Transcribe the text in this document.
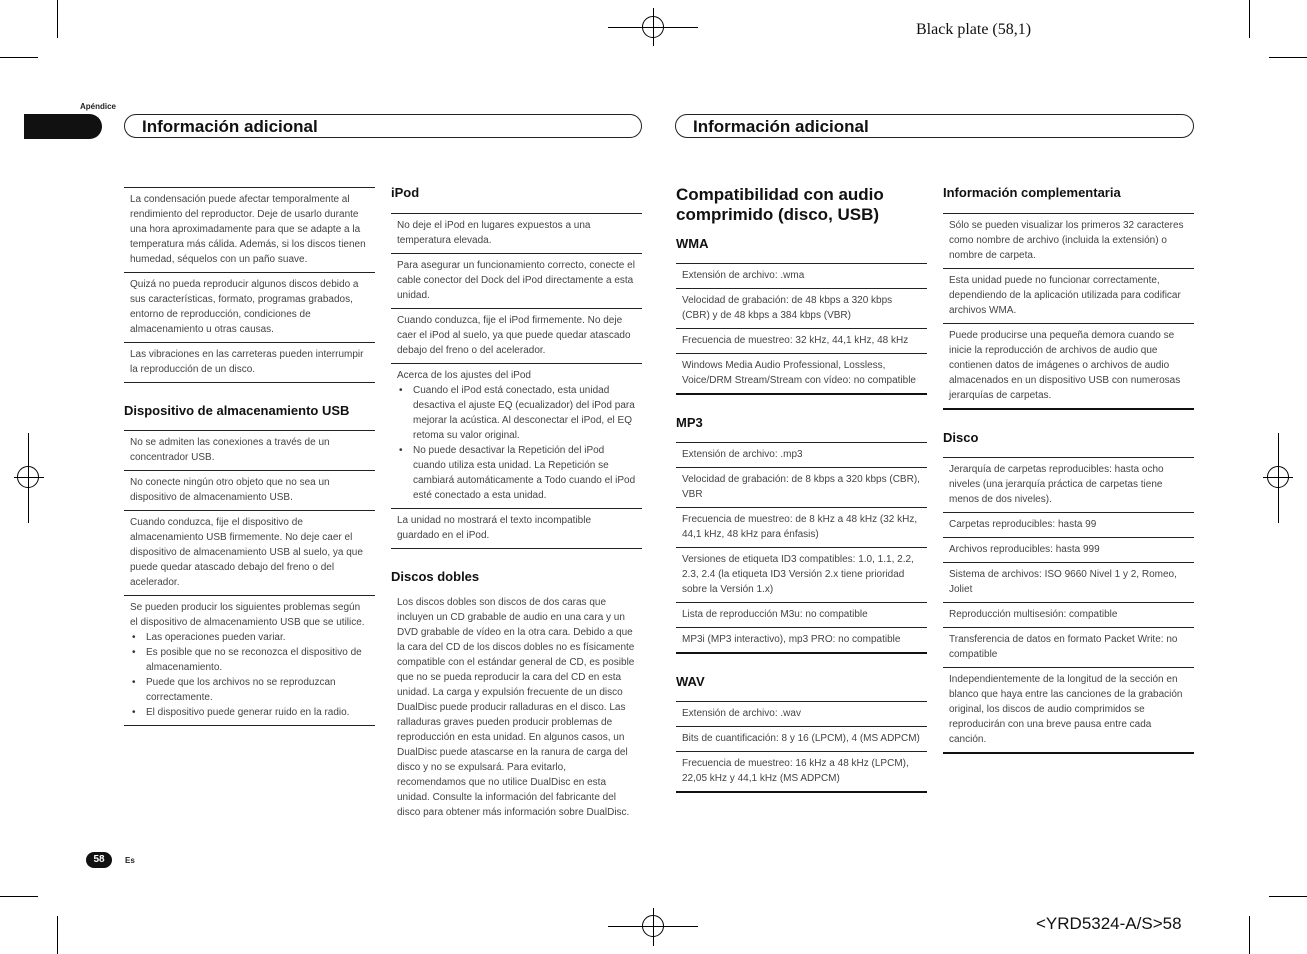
Black plate (58,1)
<YRD5324-A/S>58
Apéndice
Información adicional	Información adicional
La condensación puede afectar temporalmente al rendimiento del reproductor. Deje de usarlo durante una hora aproximadamente para que se adapte a la temperatura más cálida. Además, si los discos tienen humedad, séquelos con un paño suave.
Quizá no pueda reproducir algunos discos debido a sus características, formato, programas grabados, entorno de reproducción, condiciones de almacenamiento u otras causas.
Las vibraciones en las carreteras pueden interrumpir la reproducción de un disco.
Dispositivo de almacenamiento USB
No se admiten las conexiones a través de un concentrador USB.
No conecte ningún otro objeto que no sea un dispositivo de almacenamiento USB.
Cuando conduzca, fije el dispositivo de almacenamiento USB firmemente. No deje caer el dispositivo de almacenamiento USB al suelo, ya que puede quedar atascado debajo del freno o del acelerador.
Se pueden producir los siguientes problemas según el dispositivo de almacenamiento USB que se utilice.
• Las operaciones pueden variar.
• Es posible que no se reconozca el dispositivo de almacenamiento.
• Puede que los archivos no se reproduzcan correctamente.
• El dispositivo puede generar ruido en la radio.
iPod
No deje el iPod en lugares expuestos a una temperatura elevada.
Para asegurar un funcionamiento correcto, conecte el cable conector del Dock del iPod directamente a esta unidad.
Cuando conduzca, fije el iPod firmemente. No deje caer el iPod al suelo, ya que puede quedar atascado debajo del freno o del acelerador.
Acerca de los ajustes del iPod
• Cuando el iPod está conectado, esta unidad desactiva el ajuste EQ (ecualizador) del iPod para mejorar la acústica. Al desconectar el iPod, el EQ retoma su valor original.
• No puede desactivar la Repetición del iPod cuando utiliza esta unidad. La Repetición se cambiará automáticamente a Todo cuando el iPod esté conectado a esta unidad.
La unidad no mostrará el texto incompatible guardado en el iPod.
Discos dobles
Los discos dobles son discos de dos caras que incluyen un CD grabable de audio en una cara y un DVD grabable de vídeo en la otra cara. Debido a que la cara del CD de los discos dobles no es físicamente compatible con el estándar general de CD, es posible que no se pueda reproducir la cara del CD en esta unidad. La carga y expulsión frecuente de un disco DualDisc puede producir ralladuras en el disco. Las ralladuras graves pueden producir problemas de reproducción en esta unidad. En algunos casos, un DualDisc puede atascarse en la ranura de carga del disco y no se expulsará. Para evitarlo, recomendamos que no utilice DualDisc en esta unidad. Consulte la información del fabricante del disco para obtener más información sobre DualDisc.
Compatibilidad con audio comprimido (disco, USB)
WMA
Extensión de archivo: .wma
Velocidad de grabación: de 48 kbps a 320 kbps (CBR) y de 48 kbps a 384 kbps (VBR)
Frecuencia de muestreo: 32 kHz, 44,1 kHz, 48 kHz
Windows Media Audio Professional, Lossless, Voice/DRM Stream/Stream con vídeo: no compatible
MP3
Extensión de archivo: .mp3
Velocidad de grabación: de 8 kbps a 320 kbps (CBR), VBR
Frecuencia de muestreo: de 8 kHz a 48 kHz (32 kHz, 44,1 kHz, 48 kHz para énfasis)
Versiones de etiqueta ID3 compatibles: 1.0, 1.1, 2.2, 2.3, 2.4 (la etiqueta ID3 Versión 2.x tiene prioridad sobre la Versión 1.x)
Lista de reproducción M3u: no compatible
MP3i (MP3 interactivo), mp3 PRO: no compatible
WAV
Extensión de archivo: .wav
Bits de cuantificación: 8 y 16 (LPCM), 4 (MS ADPCM)
Frecuencia de muestreo: 16 kHz a 48 kHz (LPCM), 22,05 kHz y 44,1 kHz (MS ADPCM)
Información complementaria
Sólo se pueden visualizar los primeros 32 caracteres como nombre de archivo (incluida la extensión) o nombre de carpeta.
Esta unidad puede no funcionar correctamente, dependiendo de la aplicación utilizada para codificar archivos WMA.
Puede producirse una pequeña demora cuando se inicie la reproducción de archivos de audio que contienen datos de imágenes o archivos de audio almacenados en un dispositivo USB con numerosas jerarquías de carpetas.
Disco
Jerarquía de carpetas reproducibles: hasta ocho niveles (una jerarquía práctica de carpetas tiene menos de dos niveles).
Carpetas reproducibles: hasta 99
Archivos reproducibles: hasta 999
Sistema de archivos: ISO 9660 Nivel 1 y 2, Romeo, Joliet
Reproducción multisesión: compatible
Transferencia de datos en formato Packet Write: no compatible
Independientemente de la longitud de la sección en blanco que haya entre las canciones de la grabación original, los discos de audio comprimidos se reproducirán con una breve pausa entre cada canción.
58	Es
